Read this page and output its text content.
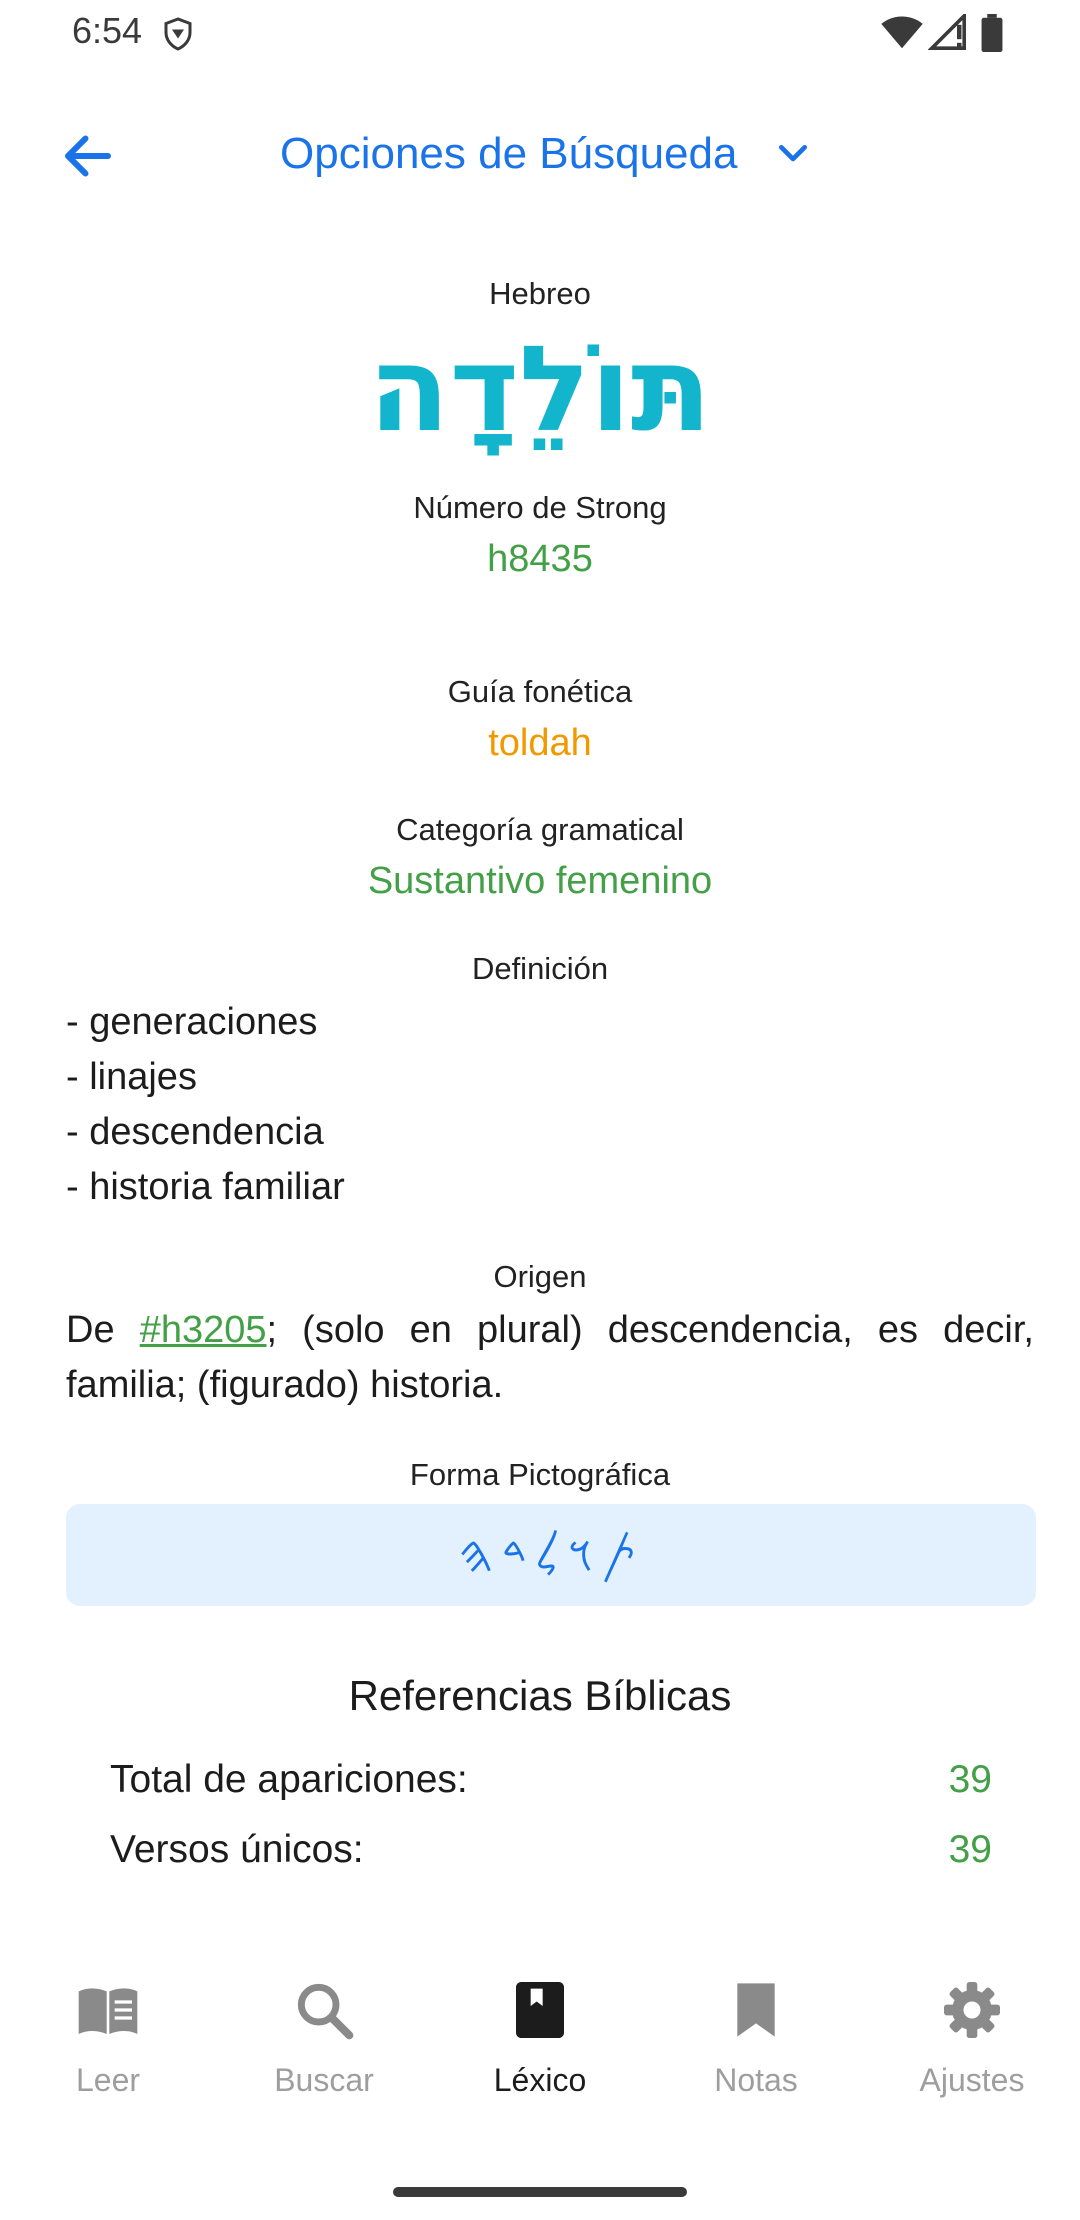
6:54
Opciones de Búsqueda
Hebreo
תּוֹלֵדָה
Número de Strong
h8435
Guía fonética
toldah
Categoría gramatical
Sustantivo femenino
Definición
- generaciones
- linajes
- descendencia
- historia familiar
Origen
De #h3205; (solo en plural) descendencia, es decir, familia; (figurado) historia.
Forma Pictográfica
𐤕𐤅𐤋𐤃𐤄
Referencias Bíblicas
Total de apariciones:	39
Versos únicos:	39
Leer	Buscar	Léxico	Notas	Ajustes
